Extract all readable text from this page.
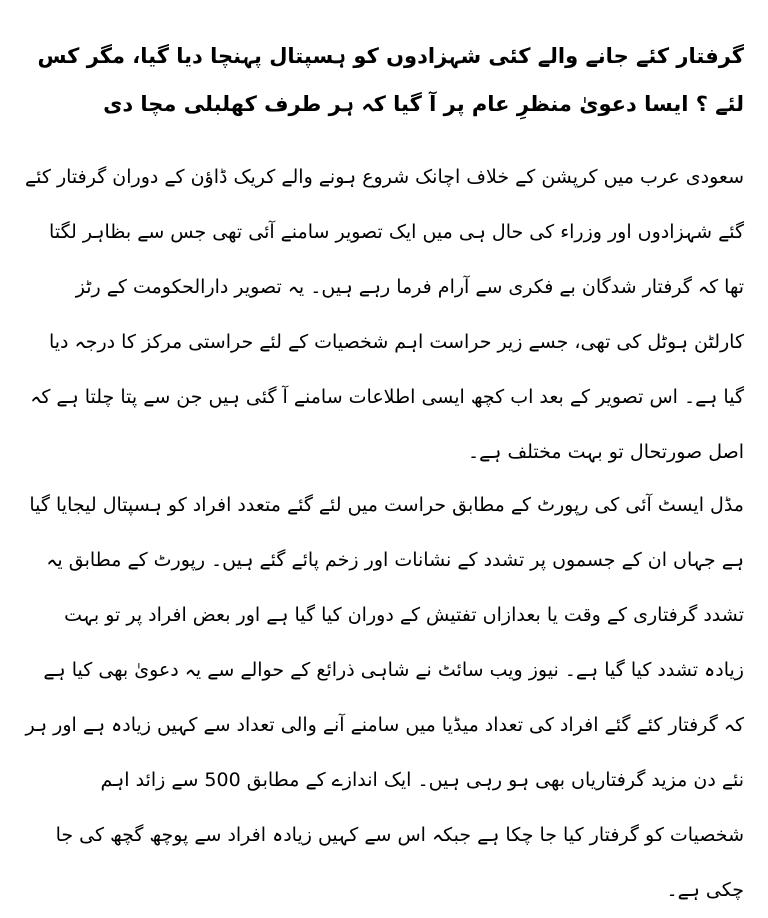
گرفتار کئے جانے والے کئی شہزادوں کو ہسپتال پہنچا دیا گیا، مگر کس لئے ؟ ایسا دعویٰ منظرِ عام پر آ گیا کہ ہر طرف کھلبلی مچا دی

سعودی عرب میں کرپشن کے خلاف اچانک شروع ہونے والے کریک ڈاؤن کے دوران گرفتار کئے گئے شہزادوں اور وزراء کی حال ہی میں ایک تصویر سامنے آئی تھی جس سے بظاہر لگتا تھا کہ گرفتار شدگان بے فکری سے آرام فرما رہے ہیں۔ یہ تصویر دارالحکومت کے رٹز کارلٹن ہوٹل کی تھی، جسے زیر حراست اہم شخصیات کے لئے حراستی مرکز کا درجہ دیا گیا ہے۔ اس تصویر کے بعد اب کچھ ایسی اطلاعات سامنے آ گئی ہیں جن سے پتا چلتا ہے کہ اصل صورتحال تو بہت مختلف ہے۔

مڈل ایسٹ آئی کی رپورٹ کے مطابق حراست میں لئے گئے متعدد افراد کو ہسپتال لیجایا گیا ہے جہاں ان کے جسموں پر تشدد کے نشانات اور زخم پائے گئے ہیں۔ رپورٹ کے مطابق یہ تشدد گرفتاری کے وقت یا بعدازاں تفتیش کے دوران کیا گیا ہے اور بعض افراد پر تو بہت زیادہ تشدد کیا گیا ہے۔ نیوز ویب سائٹ نے شاہی ذرائع کے حوالے سے یہ دعویٰ بھی کیا ہے کہ گرفتار کئے گئے افراد کی تعداد میڈیا میں سامنے آنے والی تعداد سے کہیں زیادہ ہے اور ہر نئے دن مزید گرفتاریاں بھی ہو رہی ہیں۔ ایک اندازے کے مطابق 500 سے زائد اہم شخصیات کو گرفتار کیا جا چکا ہے جبکہ اس سے کہیں زیادہ افراد سے پوچھ گچھ کی جا چکی ہے۔
